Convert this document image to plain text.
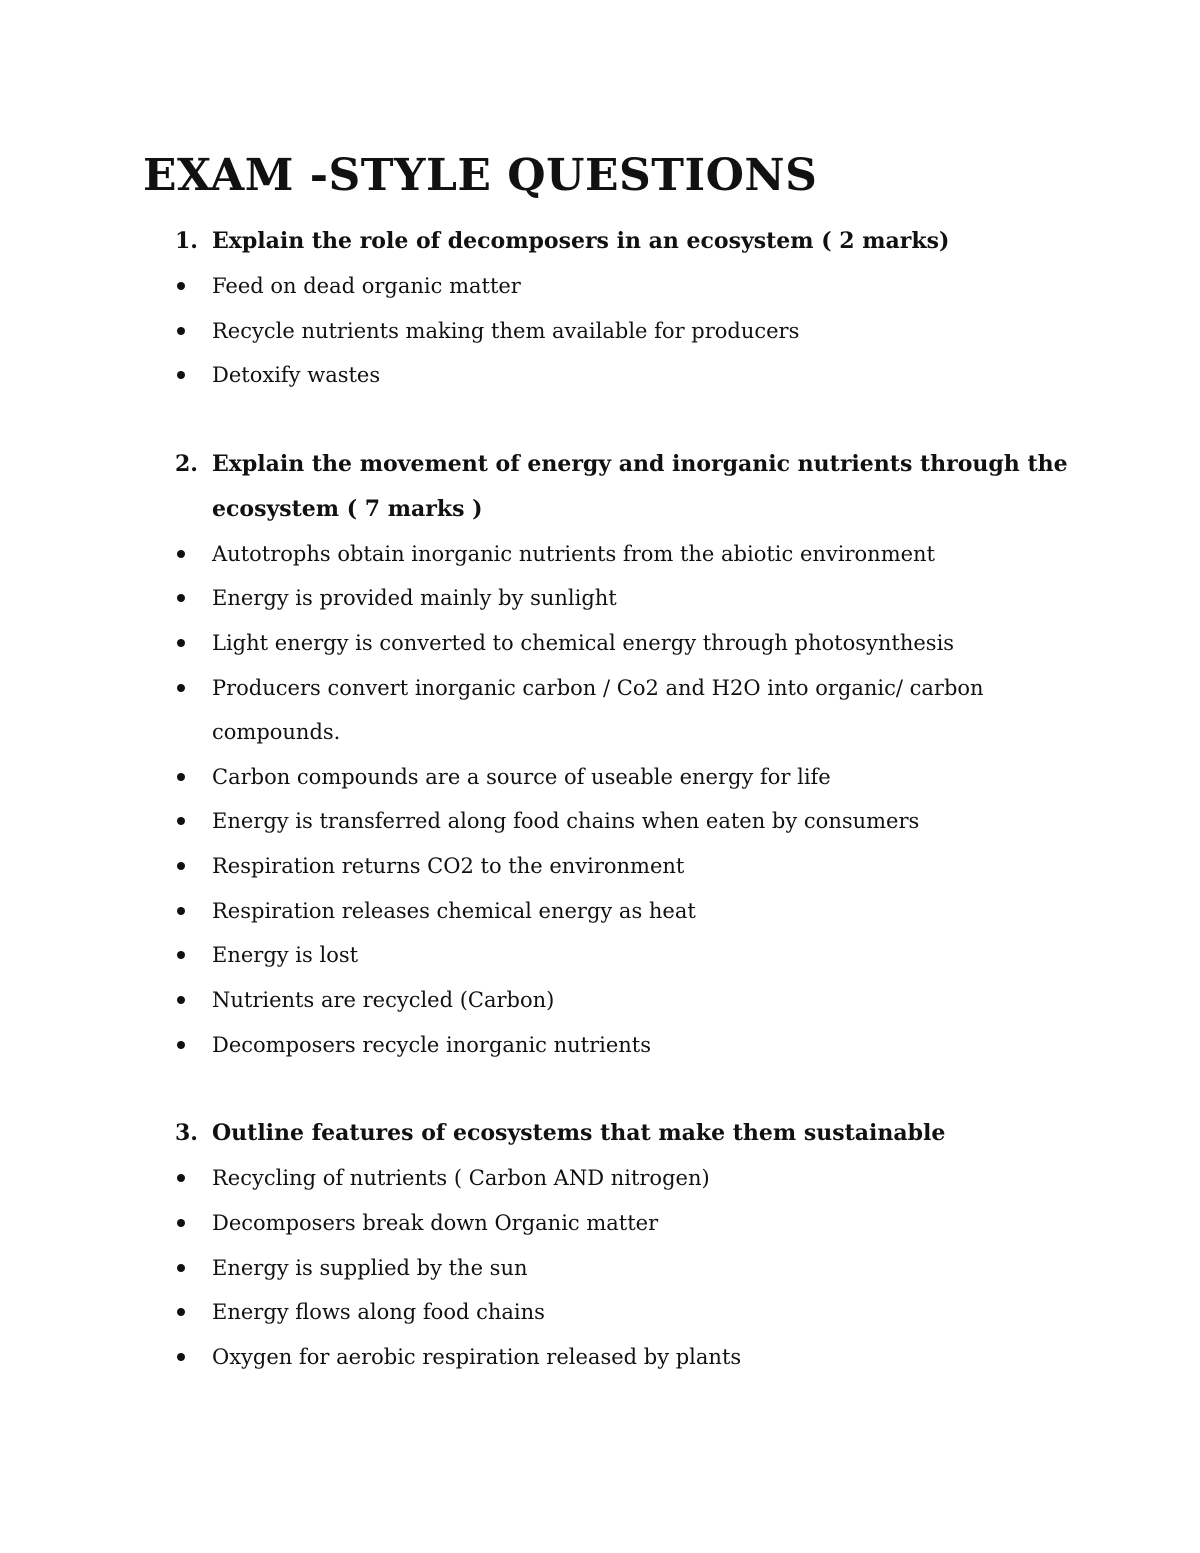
EXAM -STYLE QUESTIONS
1. Explain the role of decomposers in an ecosystem ( 2 marks)
Feed on dead organic matter
Recycle nutrients making them available for producers
Detoxify wastes
2. Explain the movement of energy and inorganic nutrients through the
ecosystem ( 7 marks )
Autotrophs obtain inorganic nutrients from the abiotic environment
Energy is provided mainly by sunlight
Light energy is converted to chemical energy through photosynthesis
Producers convert inorganic carbon / Co2 and H2O into organic/ carbon
compounds.
Carbon compounds are a source of useable energy for life
Energy is transferred along food chains when eaten by consumers
Respiration returns CO2 to the environment
Respiration releases chemical energy as heat
Energy is lost
Nutrients are recycled (Carbon)
Decomposers recycle inorganic nutrients
3. Outline features of ecosystems that make them sustainable
Recycling of nutrients ( Carbon AND nitrogen)
Decomposers break down Organic matter
Energy is supplied by the sun
Energy flows along food chains
Oxygen for aerobic respiration released by plants
